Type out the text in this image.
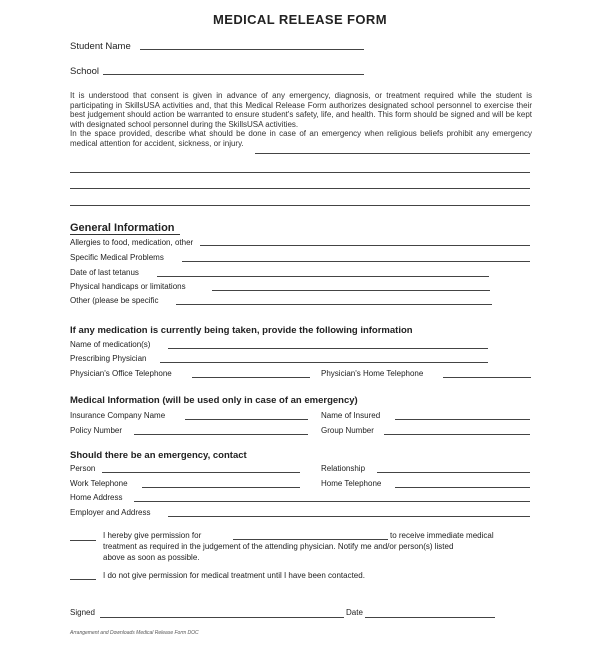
MEDICAL RELEASE FORM
Student Name
School

It is understood that consent is given in advance of any emergency, diagnosis, or treatment required while the student is participating in SkillsUSA activities and, that this Medical Release Form authorizes designated school personnel to exercise their best judgement should action be warranted to ensure student's safety, life, and health. This form should be signed and will be kept with designated school personnel during the SkillsUSA activities.

In the space provided, describe what should be done in case of an emergency when religious beliefs prohibit any emergency medical attention for accident, sickness, or injury.

General Information
Allergies to food, medication, other
Specific Medical Problems
Date of last tetanus
Physical handicaps or limitations
Other (please be specific
If any medication is currently being taken, provide the following information
Name of medication(s)
Prescribing Physician
Physician's Office Telephone	Physician's Home Telephone
Medical Information (will be used only in case of an emergency)
Insurance Company Name	Name of Insured
Policy Number	Group Number
Should there be an emergency, contact
Person	Relationship
Work Telephone	Home Telephone
Home Address
Employer and Address
I hereby give permission for	to receive immediate medical
treatment as required in the judgement of the attending physician. Notify me and/or person(s) listed
above as soon as possible.
I do not give permission for medical treatment until I have been contacted.
Signed	Date
Arrangement and Downloads Medical Release Form DOC
